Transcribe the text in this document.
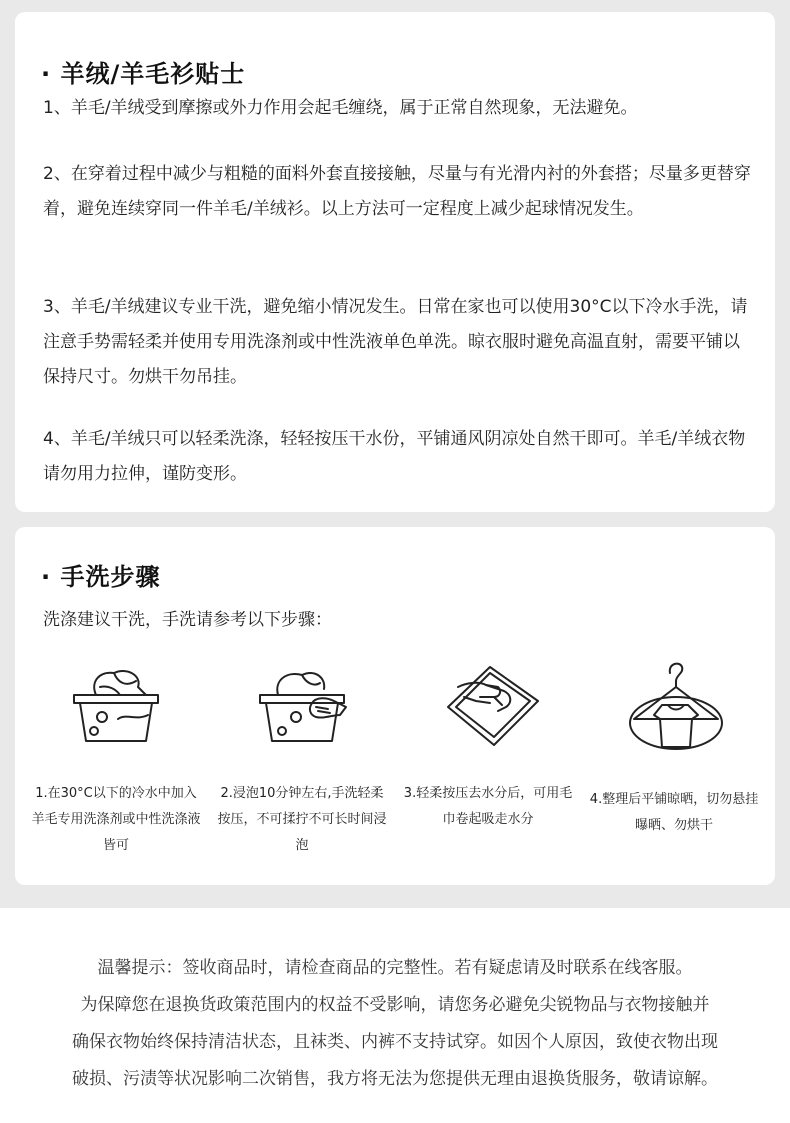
· 羊绒/羊毛衫贴士

1、羊毛/羊绒受到摩擦或外力作用会起毛缠绕，属于正常自然现象，无法避免。

2、在穿着过程中减少与粗糙的面料外套直接接触，尽量与有光滑内衬的外套搭；尽量多更替穿着，避免连续穿同一件羊毛/羊绒衫。以上方法可一定程度上减少起球情况发生。

3、羊毛/羊绒建议专业干洗，避免缩小情况发生。日常在家也可以使用30°C以下冷水手洗，请注意手势需轻柔并使用专用洗涤剂或中性洗液单色单洗。晾衣服时避免高温直射，需要平铺以保持尺寸。勿烘干勿吊挂。

4、羊毛/羊绒只可以轻柔洗涤，轻轻按压干水份，平铺通风阴凉处自然干即可。羊毛/羊绒衣物请勿用力拉伸，谨防变形。

· 手洗步骤
洗涤建议干洗，手洗请参考以下步骤：
1.在30°C以下的冷水中加入羊毛专用洗涤剂或中性洗涤液皆可
2.浸泡10分钟左右,手洗轻柔按压，不可揉拧不可长时间浸泡
3.轻柔按压去水分后，可用毛巾卷起吸走水分
4.整理后平铺晾晒，切勿悬挂曝晒、勿烘干
温馨提示：签收商品时，请检查商品的完整性。若有疑虑请及时联系在线客服。
为保障您在退换货政策范围内的权益不受影响，请您务必避免尖锐物品与衣物接触并
确保衣物始终保持清洁状态，且袜类、内裤不支持试穿。如因个人原因，致使衣物出现
破损、污渍等状况影响二次销售，我方将无法为您提供无理由退换货服务，敬请谅解。
